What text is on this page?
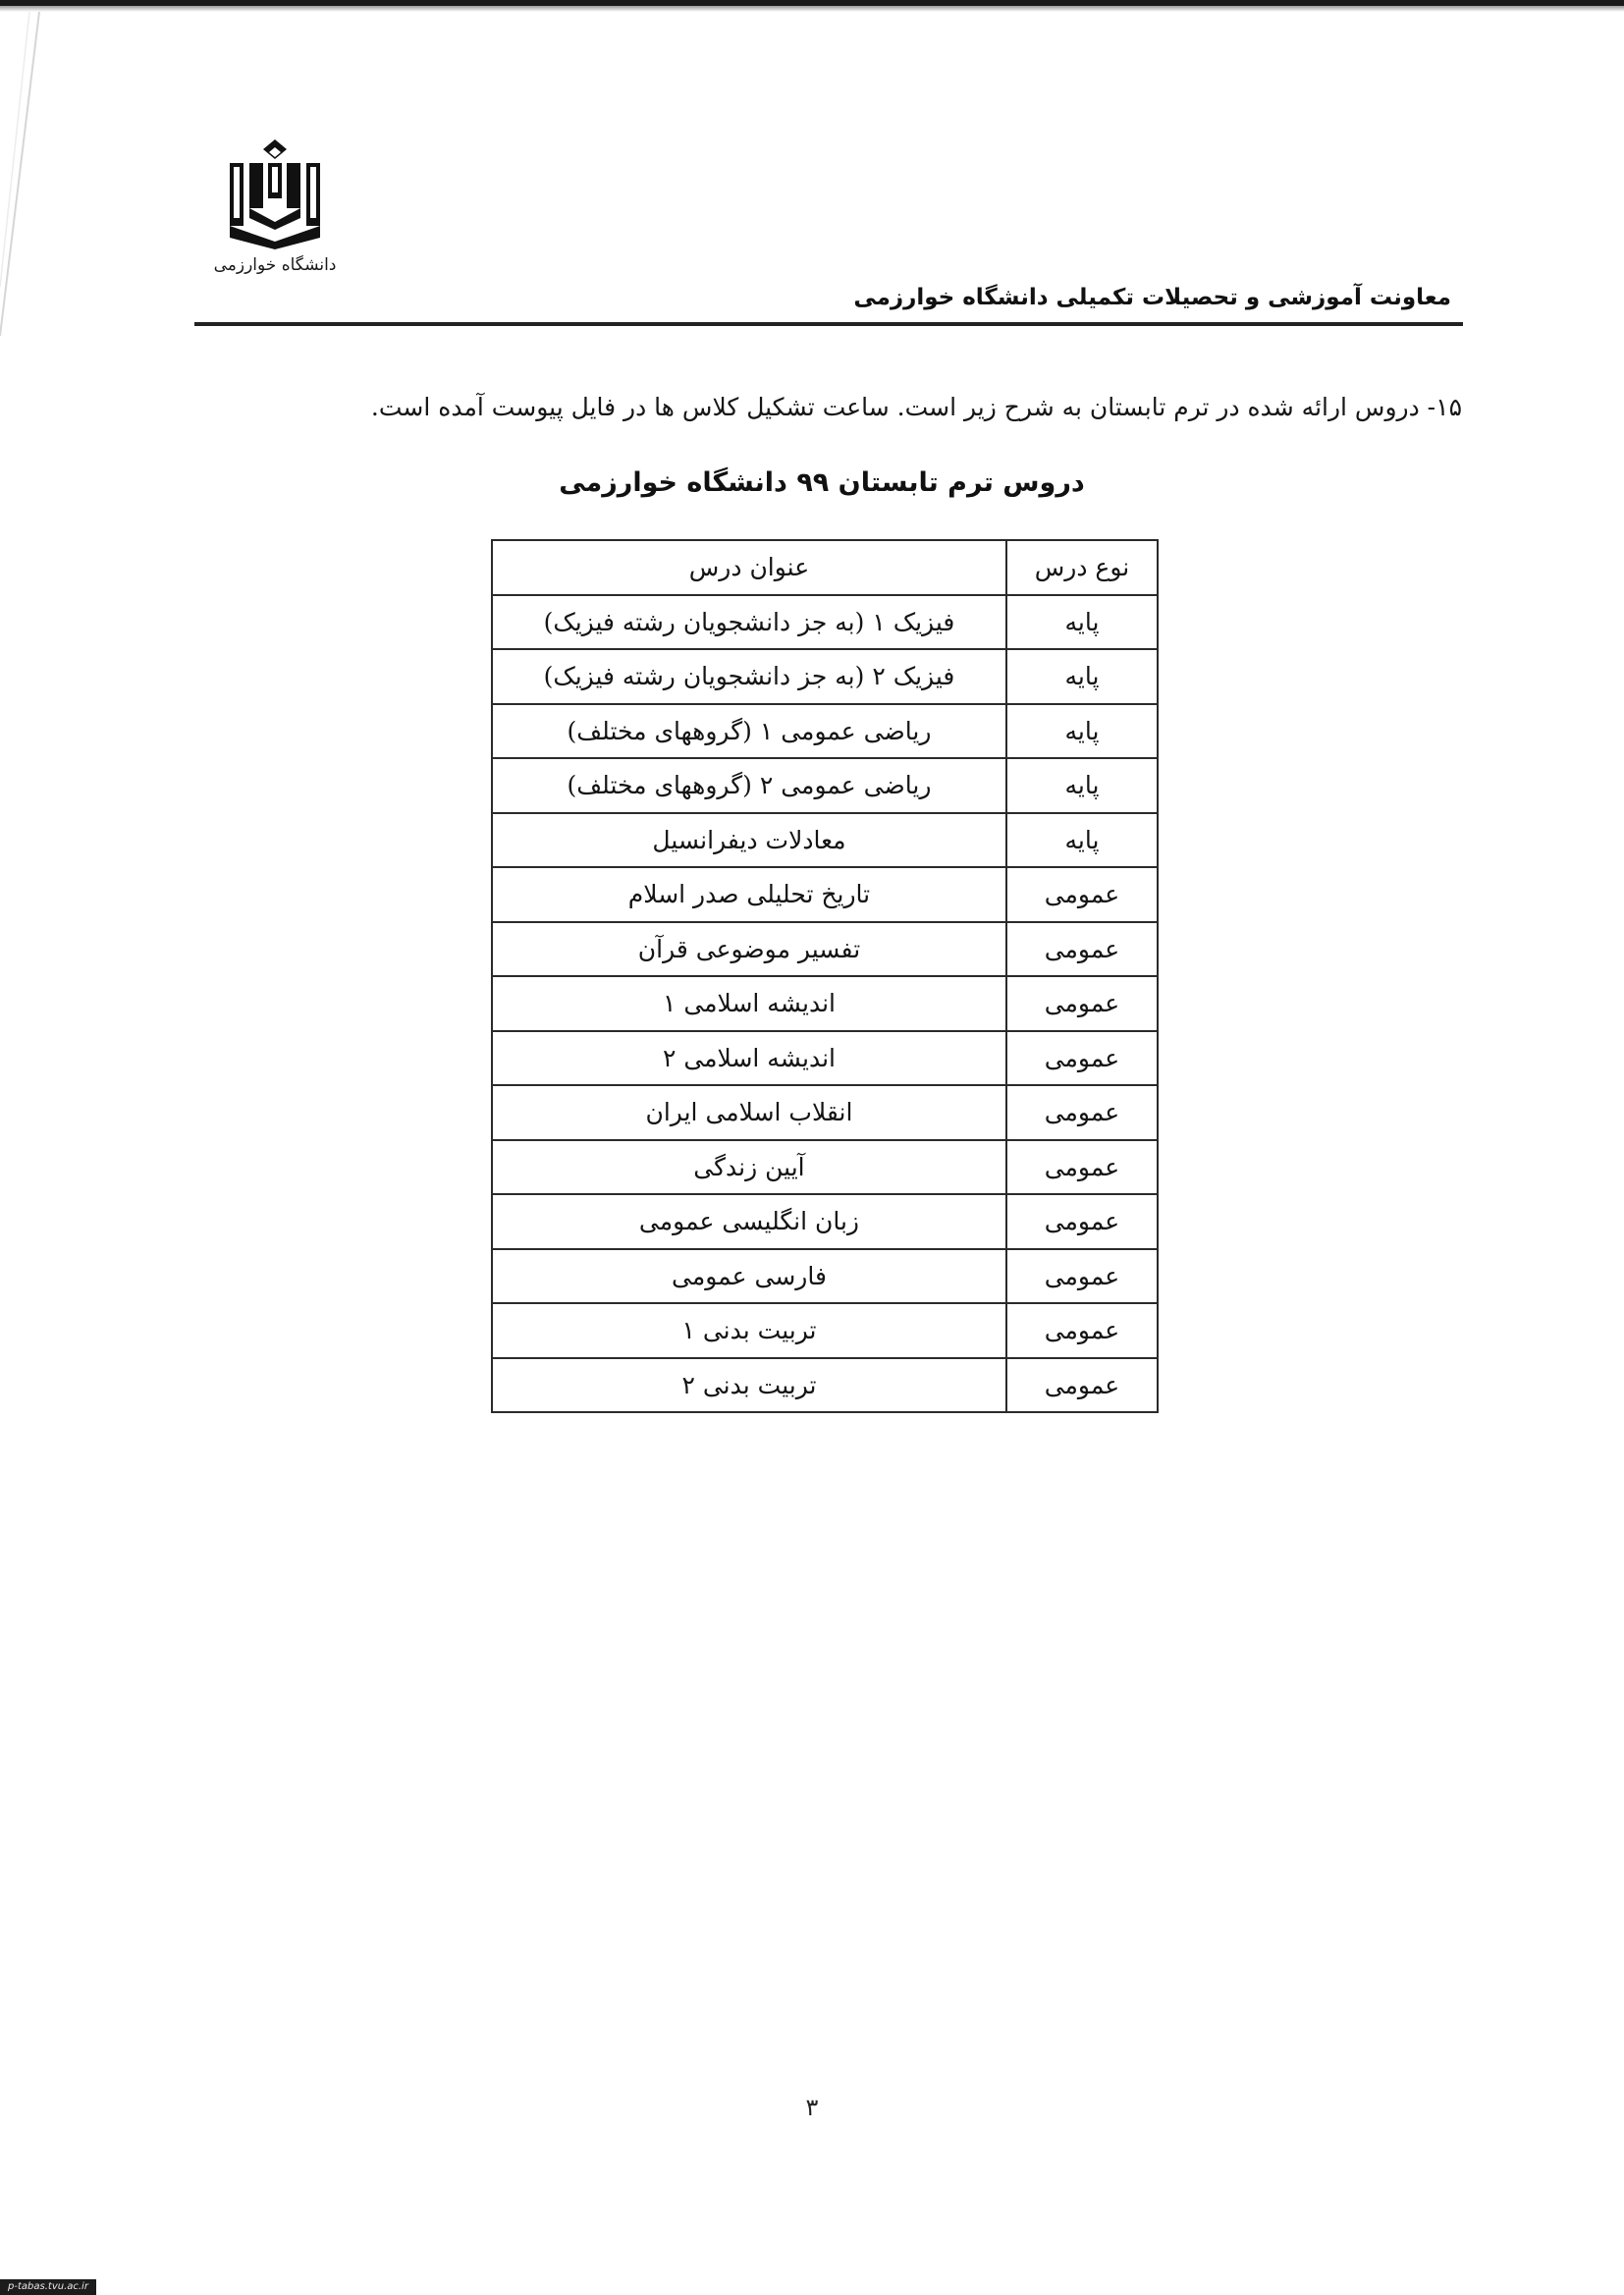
دانشگاه خوارزمی
معاونت آموزشی و تحصیلات تکمیلی دانشگاه خوارزمی
۱۵- دروس ارائه شده در ترم تابستان به شرح زیر است. ساعت تشکیل کلاس ها در فایل پیوست آمده است.
دروس ترم تابستان ۹۹ دانشگاه خوارزمی
نوع درس	عنوان درس
پایه	فیزیک ۱ (به جز دانشجویان رشته فیزیک)
پایه	فیزیک ۲ (به جز دانشجویان رشته فیزیک)
پایه	ریاضی عمومی ۱ (گروههای مختلف)
پایه	ریاضی عمومی ۲ (گروههای مختلف)
پایه	معادلات دیفرانسیل
عمومی	تاریخ تحلیلی صدر اسلام
عمومی	تفسیر موضوعی قرآن
عمومی	اندیشه اسلامی ۱
عمومی	اندیشه اسلامی ۲
عمومی	انقلاب اسلامی ایران
عمومی	آیین زندگی
عمومی	زبان انگلیسی عمومی
عمومی	فارسی عمومی
عمومی	تربیت بدنی ۱
عمومی	تربیت بدنی ۲
۳
p-tabas.tvu.ac.ir
